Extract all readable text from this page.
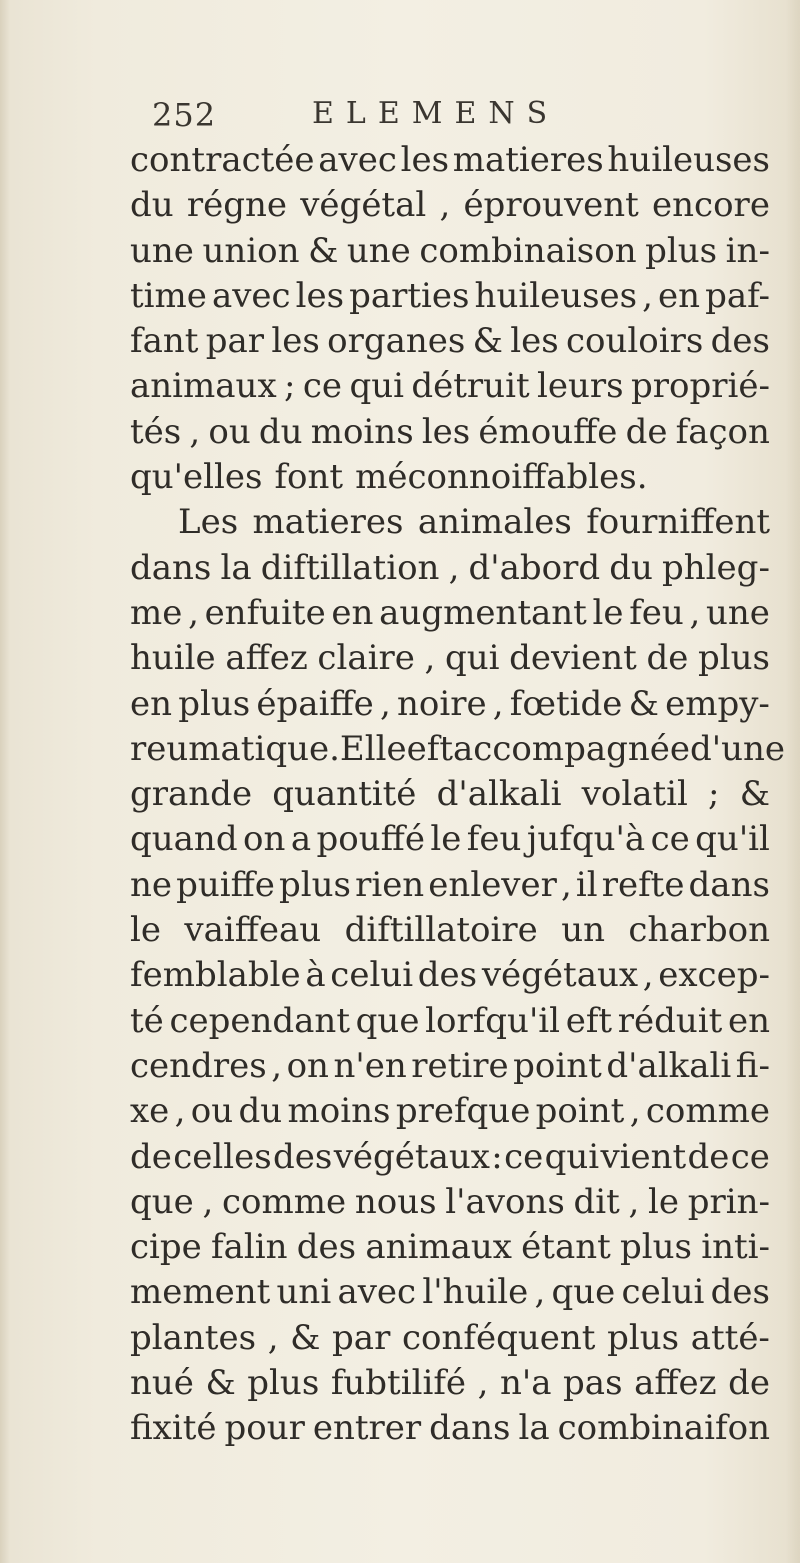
252	ELEMENS
contractée avec les matieres huileuses
du régne végétal , éprouvent encore
une union & une combinaison plus in-
time avec les parties huileuses , en paf-
fant par les organes & les couloirs des
animaux ; ce qui détruit leurs proprié-
tés , ou du moins les émouffe de façon
qu'elles font méconnoiffables.
Les matieres animales fourniffent
dans la diftillation , d'abord du phleg-
me , enfuite en augmentant le feu , une
huile affez claire , qui devient de plus
en plus épaiffe , noire , fœtide & empy-
reumatique. Elle eft accompagnée d'une
grande quantité d'alkali volatil ; &
quand on a pouffé le feu jufqu'à ce qu'il
ne puiffe plus rien enlever , il refte dans
le vaiffeau diftillatoire un charbon
femblable à celui des végétaux , excep-
té cependant que lorfqu'il eft réduit en
cendres , on n'en retire point d'alkali fi-
xe , ou du moins prefque point , comme
de celles des végétaux : ce qui vient de ce
que , comme nous l'avons dit , le prin-
cipe falin des animaux étant plus inti-
mement uni avec l'huile , que celui des
plantes , & par conféquent plus atté-
nué & plus fubtilifé , n'a pas affez de
fixité pour entrer dans la combinaifon
